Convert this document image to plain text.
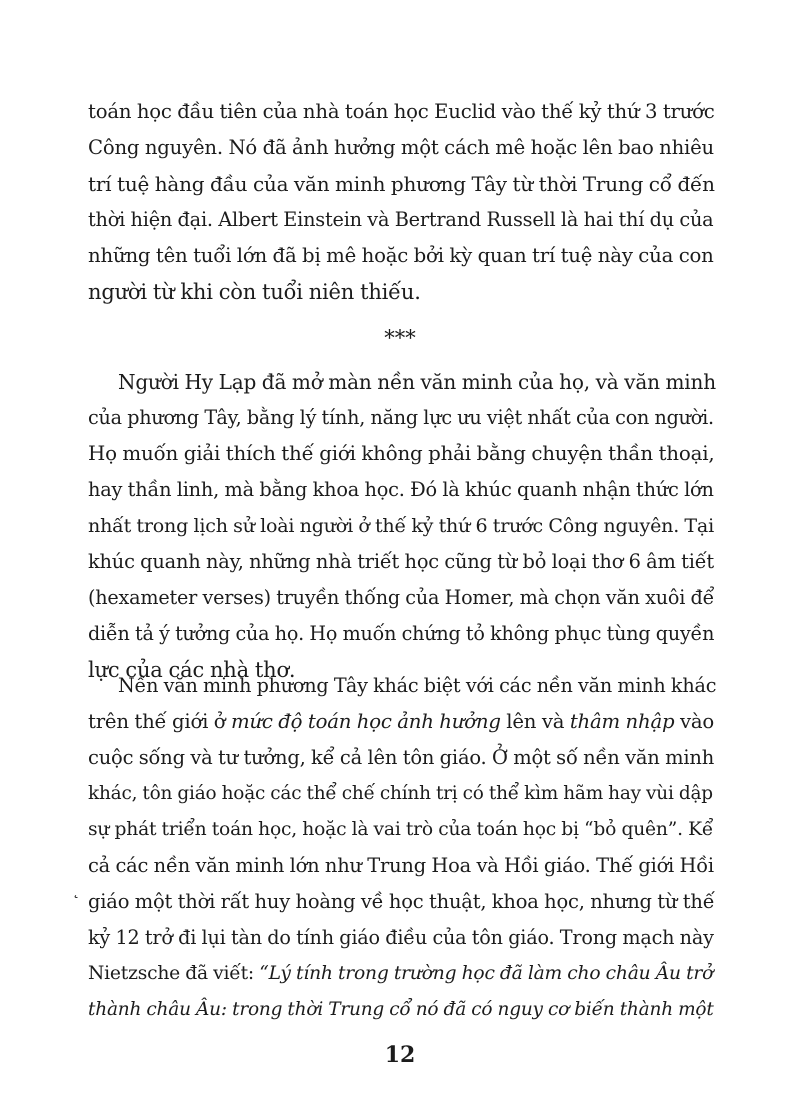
toán học đầu tiên của nhà toán học Euclid vào thế kỷ thứ 3 trước
Công nguyên. Nó đã ảnh hưởng một cách mê hoặc lên bao nhiêu
trí tuệ hàng đầu của văn minh phương Tây từ thời Trung cổ đến
thời hiện đại. Albert Einstein và Bertrand Russell là hai thí dụ của
những tên tuổi lớn đã bị mê hoặc bởi kỳ quan trí tuệ này của con
người từ khi còn tuổi niên thiếu.
***
Người Hy Lạp đã mở màn nền văn minh của họ, và văn minh
của phương Tây, bằng lý tính, năng lực ưu việt nhất của con người.
Họ muốn giải thích thế giới không phải bằng chuyện thần thoại,
hay thần linh, mà bằng khoa học. Đó là khúc quanh nhận thức lớn
nhất trong lịch sử loài người ở thế kỷ thứ 6 trước Công nguyên. Tại
khúc quanh này, những nhà triết học cũng từ bỏ loại thơ 6 âm tiết
(hexameter verses) truyền thống của Homer, mà chọn văn xuôi để
diễn tả ý tưởng của họ. Họ muốn chứng tỏ không phục tùng quyền
lực của các nhà thơ.
Nền văn minh phương Tây khác biệt với các nền văn minh khác
trên thế giới ở mức độ toán học ảnh hưởng lên và thâm nhập vào
cuộc sống và tư tưởng, kể cả lên tôn giáo. Ở một số nền văn minh
khác, tôn giáo hoặc các thể chế chính trị có thể kìm hãm hay vùi dập
sự phát triển toán học, hoặc là vai trò của toán học bị “bỏ quên”. Kể
cả các nền văn minh lớn như Trung Hoa và Hồi giáo. Thế giới Hồi
giáo một thời rất huy hoàng về học thuật, khoa học, nhưng từ thế
kỷ 12 trở đi lụi tàn do tính giáo điều của tôn giáo. Trong mạch này
Nietzsche đã viết: “Lý tính trong trường học đã làm cho châu Âu trở
thành châu Âu: trong thời Trung cổ nó đã có nguy cơ biến thành một
˛
12
